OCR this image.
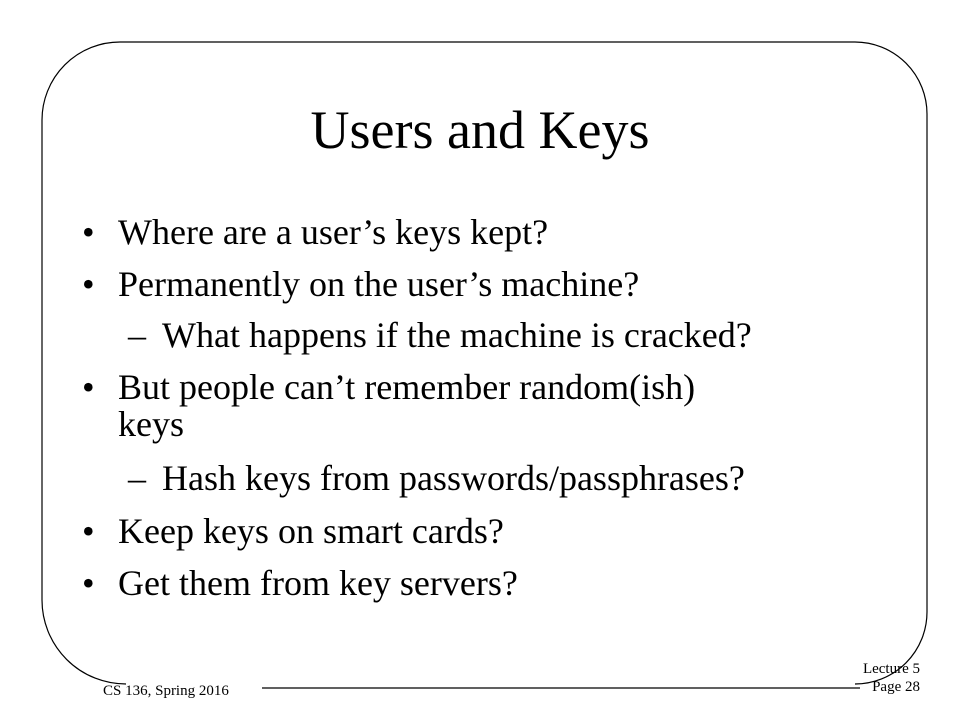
Users and Keys
• Where are a user’s keys kept?
• Permanently on the user’s machine?
– What happens if the machine is cracked?
• But people can’t remember random(ish)
keys
– Hash keys from passwords/passphrases?
• Keep keys on smart cards?
• Get them from key servers?
CS 136, Spring 2016
Lecture 5
Page 28
